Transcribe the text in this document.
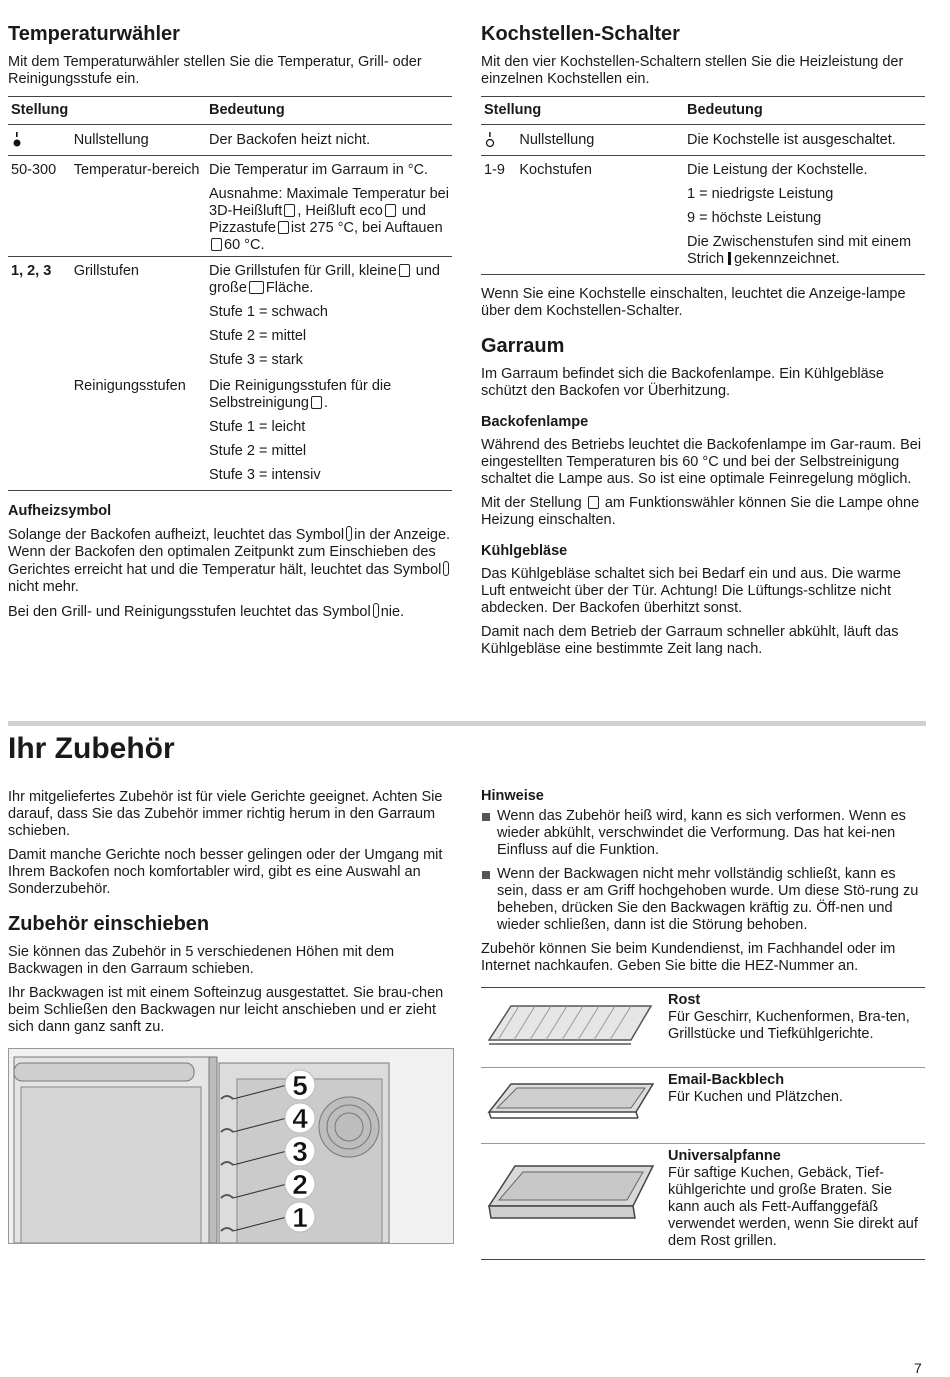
Temperaturwähler

Mit dem Temperaturwähler stellen Sie die Temperatur, Grill- oder Reinigungsstufe ein.

Stellung		Bedeutung
	Nullstellung	Der Backofen heizt nicht.
50-300	Temperatur-bereich	Die Temperatur im Garraum in °C.
Ausnahme: Maximale Temperatur bei 3D-Heißluft , Heißluft eco und Pizzastufe ist 275 °C, bei Auftauen60 °C.

1, 2, 3	Grillstufen	Die Grillstufen für Grill, kleine und große Fläche.
Stufe 1 = schwach
Stufe 2 = mittel
Stufe 3 = stark

	Reinigungsstufen	Die Reinigungsstufen für die Selbstreinigung .
Stufe 1 = leicht
Stufe 2 = mittel
Stufe 3 = intensiv
Aufheizsymbol

Solange der Backofen aufheizt, leuchtet das Symbol in der Anzeige. Wenn der Backofen den optimalen Zeitpunkt zum Einschieben des Gerichtes erreicht hat und die Temperatur hält, leuchtet das Symbolnicht mehr.

Bei den Grill- und Reinigungsstufen leuchtet das Symbol nie.

Kochstellen-Schalter

Mit den vier Kochstellen-Schaltern stellen Sie die Heizleistung der einzelnen Kochstellen ein.

Stellung		Bedeutung
	Nullstellung	Die Kochstelle ist ausgeschaltet.
1-9	Kochstufen	Die Leistung der Kochstelle.
1 = niedrigste Leistung
9 = höchste Leistung
Die Zwischenstufen sind mit einem Strich gekennzeichnet.

Wenn Sie eine Kochstelle einschalten, leuchtet die Anzeige-lampe über dem Kochstellen-Schalter.

Garraum

Im Garraum befindet sich die Backofenlampe. Ein Kühlgebläse schützt den Backofen vor Überhitzung.

Backofenlampe

Während des Betriebs leuchtet die Backofenlampe im Gar-raum. Bei eingestellten Temperaturen bis 60 °C und bei der Selbstreinigung schaltet die Lampe aus. So ist eine optimale Feinregelung möglich.

Mit der Stellung am Funktionswähler können Sie die Lampe ohne Heizung einschalten.

Kühlgebläse

Das Kühlgebläse schaltet sich bei Bedarf ein und aus. Die warme Luft entweicht über der Tür. Achtung! Die Lüftungs-schlitze nicht abdecken. Der Backofen überhitzt sonst.

Damit nach dem Betrieb der Garraum schneller abkühlt, läuft das Kühlgebläse eine bestimmte Zeit lang nach.

Ihr Zubehör

Ihr mitgeliefertes Zubehör ist für viele Gerichte geeignet. Achten Sie darauf, dass Sie das Zubehör immer richtig herum in den Garraum schieben.

Damit manche Gerichte noch besser gelingen oder der Umgang mit Ihrem Backofen noch komfortabler wird, gibt es eine Auswahl an Sonderzubehör.

Zubehör einschieben

Sie können das Zubehör in 5 verschiedenen Höhen mit dem Backwagen in den Garraum schieben.

Ihr Backwagen ist mit einem Softeinzug ausgestattet. Sie brau-chen beim Schließen den Backwagen nur leicht anschieben und er zieht sich dann ganz sanft zu.

5
4
3
2
1
Hinweise
Wenn das Zubehör heiß wird, kann es sich verformen. Wenn es wieder abkühlt, verschwindet die Verformung. Das hat kei-nen Einfluss auf die Funktion.
Wenn der Backwagen nicht mehr vollständig schließt, kann es sein, dass er am Griff hochgehoben wurde. Um diese Stö-rung zu beheben, drücken Sie den Backwagen kräftig zu. Öff-nen und wieder schließen, dann ist die Störung behoben.

Zubehör können Sie beim Kundendienst, im Fachhandel oder im Internet nachkaufen. Geben Sie bitte die HEZ-Nummer an.

Rost
Für Geschirr, Kuchenformen, Bra-ten, Grillstücke und Tiefkühlgerichte.
Email-Backblech
Für Kuchen und Plätzchen.
Universalpfanne
Für saftige Kuchen, Gebäck, Tief-kühlgerichte und große Braten. Sie kann auch als Fett-Auffanggefäß verwendet werden, wenn Sie direkt auf dem Rost grillen.
7
